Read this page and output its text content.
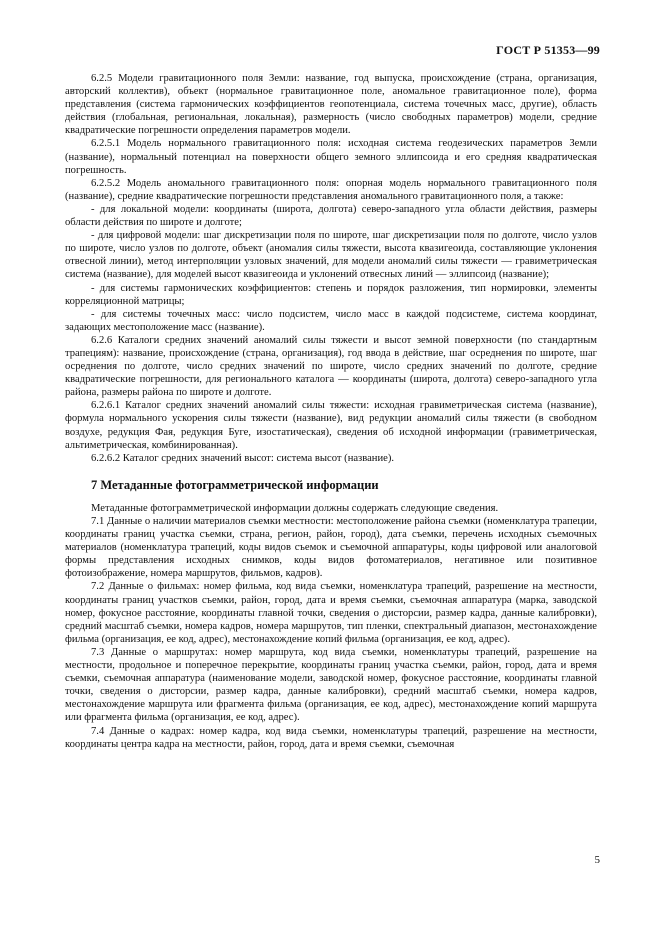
ГОСТ Р 51353—99

6.2.5 Модели гравитационного поля Земли: название, год выпуска, происхождение (страна, организация, авторский коллектив), объект (нормальное гравитационное поле, аномальное гравитационное поле), форма представления (система гармонических коэффициентов геопотенциала, система точечных масс, другие), область действия (глобальная, региональная, локальная), размерность (число свободных параметров) модели, средние квадратические погрешности определения параметров модели.

6.2.5.1 Модель нормального гравитационного поля: исходная система геодезических параметров Земли (название), нормальный потенциал на поверхности общего земного эллипсоида и его средняя квадратическая погрешность.

6.2.5.2 Модель аномального гравитационного поля: опорная модель нормального гравитационного поля (название), средние квадратические погрешности представления аномального гравитационного поля, а также:

- для локальной модели: координаты (широта, долгота) северо-западного угла области действия, размеры области действия по широте и долготе;

- для цифровой модели: шаг дискретизации поля по широте, шаг дискретизации поля по долготе, число узлов по широте, число узлов по долготе, объект (аномалия силы тяжести, высота квазигеоида, составляющие уклонения отвесной линии), метод интерполяции узловых значений, для модели аномалий силы тяжести — гравиметрическая система (название), для моделей высот квазигеоида и уклонений отвесных линий — эллипсоид (название);

- для системы гармонических коэффициентов: степень и порядок разложения, тип нормировки, элементы корреляционной матрицы;

- для системы точечных масс: число подсистем, число масс в каждой подсистеме, система координат, задающих местоположение масс (название).

6.2.6 Каталоги средних значений аномалий силы тяжести и высот земной поверхности (по стандартным трапециям): название, происхождение (страна, организация), год ввода в действие, шаг осреднения по широте, шаг осреднения по долготе, число средних значений по широте, число средних значений по долготе, средние квадратические погрешности, для регионального каталога — координаты (широта, долгота) северо-западного угла района, размеры района по широте и долготе.

6.2.6.1 Каталог средних значений аномалий силы тяжести: исходная гравиметрическая система (название), формула нормального ускорения силы тяжести (название), вид редукции аномалий силы тяжести (в свободном воздухе, редукция Фая, редукция Буге, изостатическая), сведения об исходной информации (гравиметрическая, альтиметрическая, комбинированная).

6.2.6.2 Каталог средних значений высот: система высот (название).

7 Метаданные фотограмметрической информации

Метаданные фотограмметрической информации должны содержать следующие сведения.

7.1 Данные о наличии материалов съемки местности: местоположение района съемки (номенклатура трапеции, координаты границ участка съемки, страна, регион, район, город), дата съемки, перечень исходных съемочных материалов (номенклатура трапеций, коды видов съемок и съемочной аппаратуры, коды цифровой или аналоговой формы представления исходных снимков, коды видов фотоматериалов, негативное или позитивное фотоизображение, номера маршрутов, фильмов, кадров).

7.2 Данные о фильмах: номер фильма, код вида съемки, номенклатура трапеций, разрешение на местности, координаты границ участков съемки, район, город, дата и время съемки, съемочная аппаратура (марка, заводской номер, фокусное расстояние, координаты главной точки, сведения о дисторсии, размер кадра, данные калибровки), средний масштаб съемки, номера кадров, номера маршрутов, тип пленки, спектральный диапазон, местонахождение фильма (организация, ее код, адрес), местонахождение копий фильма (организация, ее код, адрес).

7.3 Данные о маршрутах: номер маршрута, код вида съемки, номенклатуры трапеций, разрешение на местности, продольное и поперечное перекрытие, координаты границ участка съемки, район, город, дата и время съемки, съемочная аппаратура (наименование модели, заводской номер, фокусное расстояние, координаты главной точки, сведения о дисторсии, размер кадра, данные калибровки), средний масштаб съемки, номера кадров, местонахождение маршрута или фрагмента фильма (организация, ее код, адрес), местонахождение копий маршрута или фрагмента фильма (организация, ее код, адрес).

7.4 Данные о кадрах: номер кадра, код вида съемки, номенклатуры трапеций, разрешение на местности, координаты центра кадра на местности, район, город, дата и время съемки, съемочная

5
